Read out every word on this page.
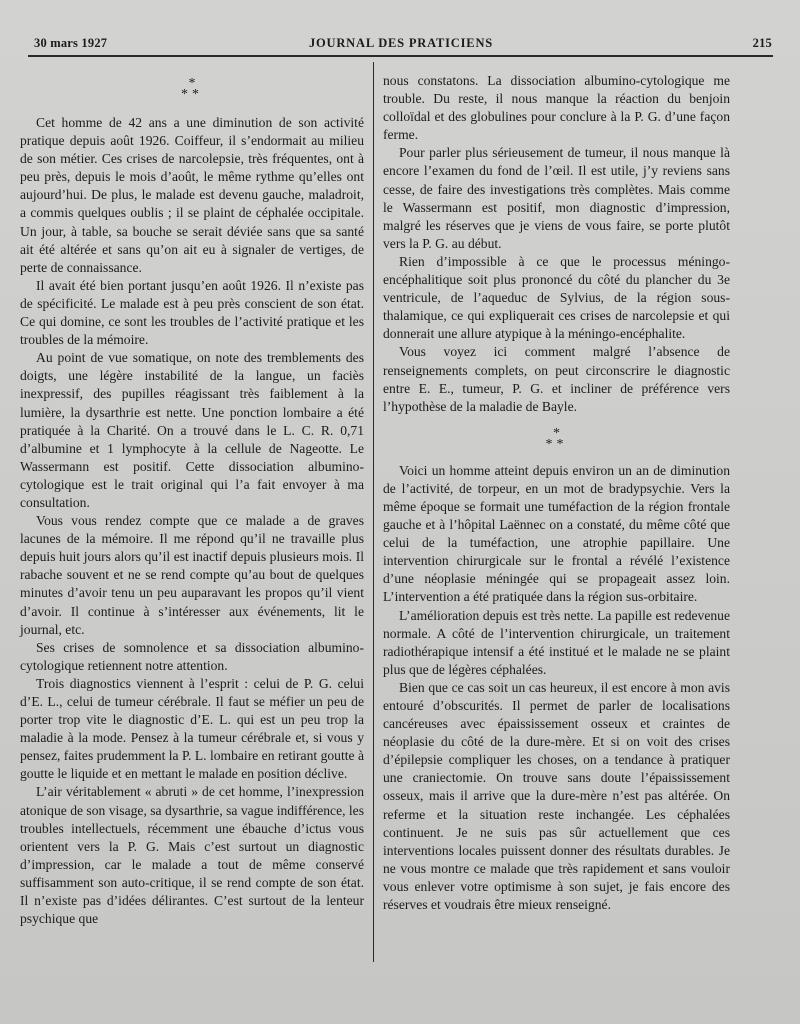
30 mars 1927	JOURNAL DES PRATICIENS	215
*
**

Cet homme de 42 ans a une diminution de son activité pratique depuis août 1926. Coiffeur, il s’endormait au milieu de son métier. Ces crises de narcolepsie, très fréquentes, ont à peu près, depuis le mois d’août, le même rythme qu’elles ont aujourd’hui. De plus, le malade est devenu gauche, maladroit, a commis quelques oublis ; il se plaint de céphalée occipitale. Un jour, à table, sa bouche se serait déviée sans que sa santé ait été altérée et sans qu’on ait eu à signaler de vertiges, de perte de connaissance.

Il avait été bien portant jusqu’en août 1926. Il n’existe pas de spécificité. Le malade est à peu près conscient de son état. Ce qui domine, ce sont les troubles de l’activité pratique et les troubles de la mémoire.

Au point de vue somatique, on note des tremblements des doigts, une légère instabilité de la langue, un faciès inexpressif, des pupilles réagissant très faiblement à la lumière, la dysarthrie est nette. Une ponction lombaire a été pratiquée à la Charité. On a trouvé dans le L. C. R. 0,71 d’albumine et 1 lymphocyte à la cellule de Nageotte. Le Wassermann est positif. Cette dissociation albumino-cytologique est le trait original qui l’a fait envoyer à ma consultation.

Vous vous rendez compte que ce malade a de graves lacunes de la mémoire. Il me répond qu’il ne travaille plus depuis huit jours alors qu’il est inactif depuis plusieurs mois. Il rabache souvent et ne se rend compte qu’au bout de quelques minutes d’avoir tenu un peu auparavant les propos qu’il vient d’avoir. Il continue à s’intéresser aux événements, lit le journal, etc.

Ses crises de somnolence et sa dissociation albumino-cytologique retiennent notre attention.

Trois diagnostics viennent à l’esprit : celui de P. G. celui d’E. L., celui de tumeur cérébrale. Il faut se méfier un peu de porter trop vite le diagnostic d’E. L. qui est un peu trop la maladie à la mode. Pensez à la tumeur cérébrale et, si vous y pensez, faites prudemment la P. L. lombaire en retirant goutte à goutte le liquide et en mettant le malade en position déclive.

L’air véritablement « abruti » de cet homme, l’inexpression atonique de son visage, sa dysarthrie, sa vague indifférence, les troubles intellectuels, récemment une ébauche d’ictus vous orientent vers la P. G. Mais c’est surtout un diagnostic d’impression, car le malade a tout de même conservé suffisamment son auto-critique, il se rend compte de son état. Il n’existe pas d’idées délirantes. C’est surtout de la lenteur psychique que

nous constatons. La dissociation albumino-cytologique me trouble. Du reste, il nous manque la réaction du benjoin colloïdal et des globulines pour conclure à la P. G. d’une façon ferme.

Pour parler plus sérieusement de tumeur, il nous manque là encore l’examen du fond de l’œil. Il est utile, j’y reviens sans cesse, de faire des investigations très complètes. Mais comme le Wassermann est positif, mon diagnostic d’impression, malgré les réserves que je viens de vous faire, se porte plutôt vers la P. G. au début.

Rien d’impossible à ce que le processus méningo-encéphalitique soit plus prononcé du côté du plancher du 3e ventricule, de l’aqueduc de Sylvius, de la région sous-thalamique, ce qui expliquerait ces crises de narcolepsie et qui donnerait une allure atypique à la méningo-encéphalite.

Vous voyez ici comment malgré l’absence de renseignements complets, on peut circonscrire le diagnostic entre E. E., tumeur, P. G. et incliner de préférence vers l’hypothèse de la maladie de Bayle.

*
**

Voici un homme atteint depuis environ un an de diminution de l’activité, de torpeur, en un mot de bradypsychie. Vers la même époque se formait une tuméfaction de la région frontale gauche et à l’hôpital Laënnec on a constaté, du même côté que celui de la tuméfaction, une atrophie papillaire. Une intervention chirurgicale sur le frontal a révélé l’existence d’une néoplasie méningée qui se propageait assez loin. L’intervention a été pratiquée dans la région sus-orbitaire.

L’amélioration depuis est très nette. La papille est redevenue normale. A côté de l’intervention chirurgicale, un traitement radiothérapique intensif a été institué et le malade ne se plaint plus que de légères céphalées.

Bien que ce cas soit un cas heureux, il est encore à mon avis entouré d’obscurités. Il permet de parler de localisations cancéreuses avec épaississement osseux et craintes de néoplasie du côté de la dure-mère. Et si on voit des crises d’épilepsie compliquer les choses, on a tendance à pratiquer une craniectomie. On trouve sans doute l’épaississement osseux, mais il arrive que la dure-mère n’est pas altérée. On referme et la situation reste inchangée. Les céphalées continuent. Je ne suis pas sûr actuellement que ces interventions locales puissent donner des résultats durables. Je ne vous montre ce malade que très rapidement et sans vouloir vous enlever votre optimisme à son sujet, je fais encore des réserves et voudrais être mieux renseigné.
